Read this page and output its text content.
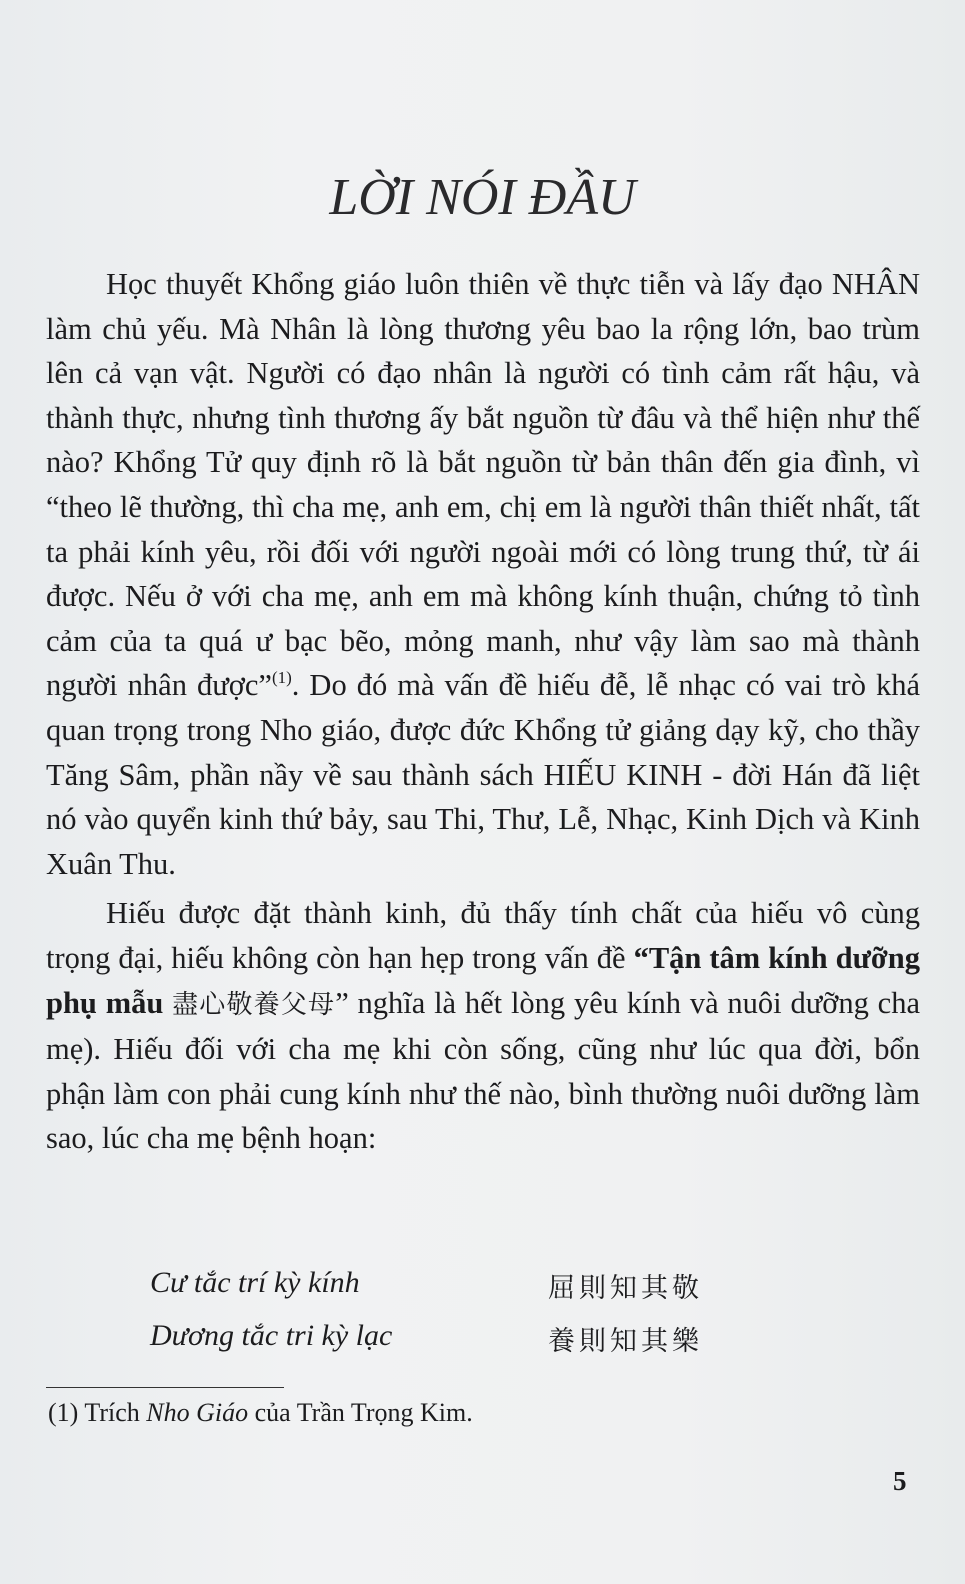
LỜI NÓI ĐẦU

Học thuyết Khổng giáo luôn thiên về thực tiễn và lấy đạo NHÂN làm chủ yếu. Mà Nhân là lòng thương yêu bao la rộng lớn, bao trùm lên cả vạn vật. Người có đạo nhân là người có tình cảm rất hậu, và thành thực, nhưng tình thương ấy bắt nguồn từ đâu và thể hiện như thế nào? Khổng Tử quy định rõ là bắt nguồn từ bản thân đến gia đình, vì “theo lẽ thường, thì cha mẹ, anh em, chị em là người thân thiết nhất, tất ta phải kính yêu, rồi đối với người ngoài mới có lòng trung thứ, từ ái được. Nếu ở với cha mẹ, anh em mà không kính thuận, chứng tỏ tình cảm của ta quá ư bạc bẽo, mỏng manh, như vậy làm sao mà thành người nhân được”$^{(1)}$. Do đó mà vấn đề hiếu đễ, lễ nhạc có vai trò khá quan trọng trong Nho giáo, được đức Khổng tử giảng dạy kỹ, cho thầy Tăng Sâm, phần nầy về sau thành sách HIẾU KINH - đời Hán đã liệt nó vào quyển kinh thứ bảy, sau Thi, Thư, Lễ, Nhạc, Kinh Dịch và Kinh Xuân Thu.

Hiếu được đặt thành kinh, đủ thấy tính chất của hiếu vô cùng trọng đại, hiếu không còn hạn hẹp trong vấn đề “Tận tâm kính dưỡng phụ mẫu 盡心敬養父母” nghĩa là hết lòng yêu kính và nuôi dưỡng cha mẹ). Hiếu đối với cha mẹ khi còn sống, cũng như lúc qua đời, bổn phận làm con phải cung kính như thế nào, bình thường nuôi dưỡng làm sao, lúc cha mẹ bệnh hoạn:

Cư tắc trí kỳ kính	屈則知其敬
Dương tắc tri kỳ lạc	養則知其樂
(1) Trích Nho Giáo của Trần Trọng Kim.
5
